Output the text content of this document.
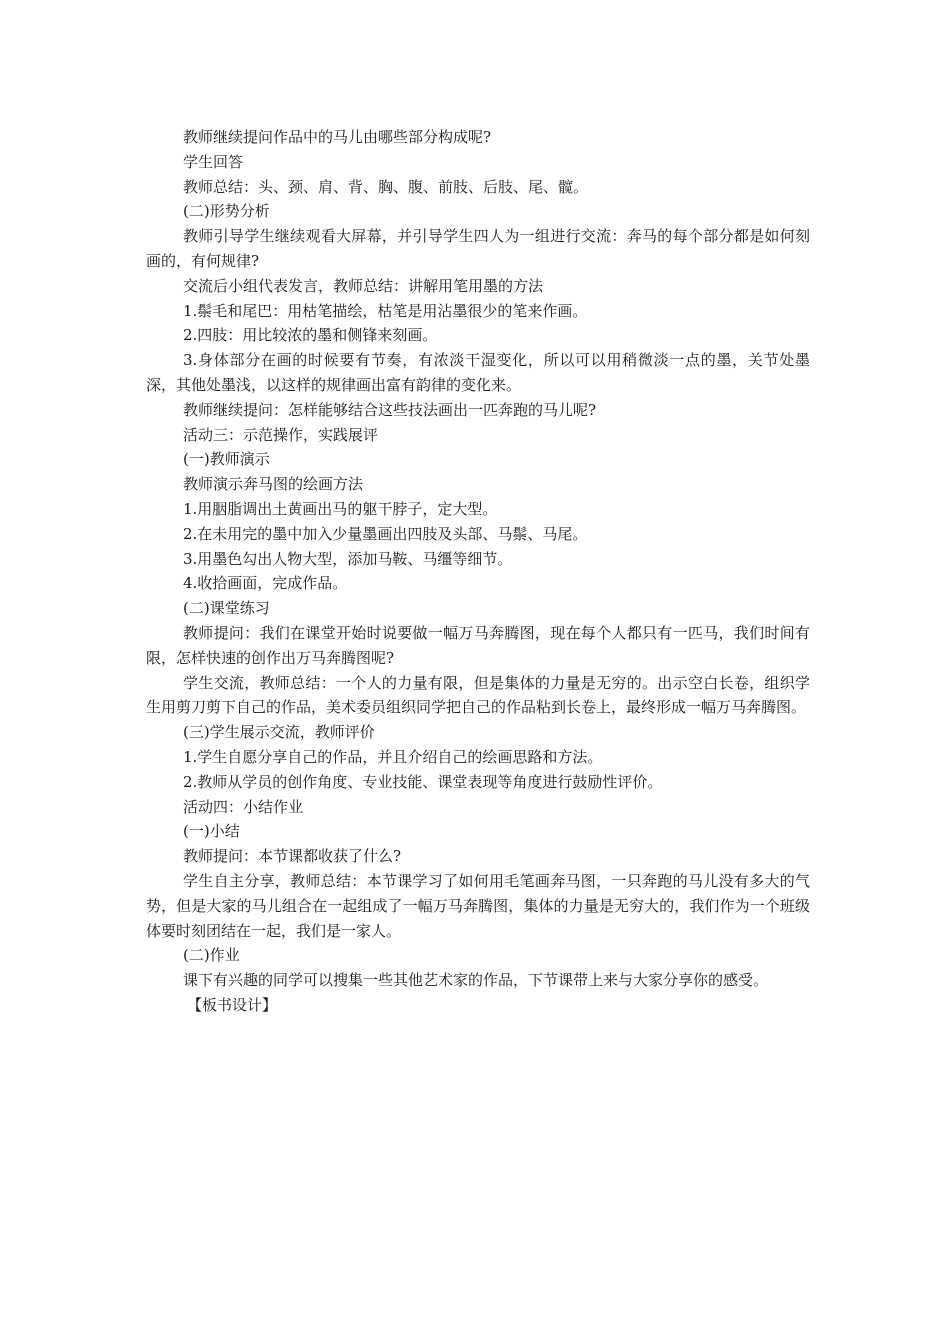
教师继续提问作品中的马儿由哪些部分构成呢?

学生回答

教师总结：头、颈、肩、背、胸、腹、前肢、后肢、尾、髋。

(二)形势分析

教师引导学生继续观看大屏幕，并引导学生四人为一组进行交流：奔马的每个部分都是如何刻画的，有何规律?

交流后小组代表发言，教师总结：讲解用笔用墨的方法

1.鬃毛和尾巴：用枯笔描绘，枯笔是用沾墨很少的笔来作画。

2.四肢：用比较浓的墨和侧锋来刻画。

3.身体部分在画的时候要有节奏，有浓淡干湿变化，所以可以用稍微淡一点的墨，关节处墨深，其他处墨浅，以这样的规律画出富有韵律的变化来。

教师继续提问：怎样能够结合这些技法画出一匹奔跑的马儿呢?

活动三：示范操作，实践展评

(一)教师演示

教师演示奔马图的绘画方法

1.用胭脂调出土黄画出马的躯干脖子，定大型。

2.在未用完的墨中加入少量墨画出四肢及头部、马鬃、马尾。

3.用墨色勾出人物大型，添加马鞍、马缰等细节。

4.收拾画面，完成作品。

(二)课堂练习

教师提问：我们在课堂开始时说要做一幅万马奔腾图，现在每个人都只有一匹马，我们时间有限，怎样快速的创作出万马奔腾图呢?

学生交流，教师总结：一个人的力量有限，但是集体的力量是无穷的。出示空白长卷，组织学生用剪刀剪下自己的作品，美术委员组织同学把自己的作品粘到长卷上，最终形成一幅万马奔腾图。

(三)学生展示交流，教师评价

1.学生自愿分享自己的作品，并且介绍自己的绘画思路和方法。

2.教师从学员的创作角度、专业技能、课堂表现等角度进行鼓励性评价。

活动四：小结作业

(一)小结

教师提问：本节课都收获了什么?

学生自主分享，教师总结：本节课学习了如何用毛笔画奔马图，一只奔跑的马儿没有多大的气势，但是大家的马儿组合在一起组成了一幅万马奔腾图，集体的力量是无穷大的，我们作为一个班级体要时刻团结在一起，我们是一家人。

(二)作业

课下有兴趣的同学可以搜集一些其他艺术家的作品，下节课带上来与大家分享你的感受。

【板书设计】
